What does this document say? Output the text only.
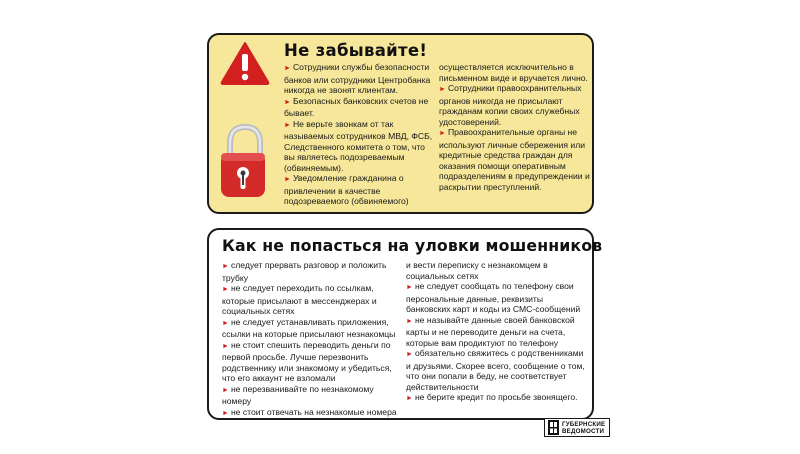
Не забывайте!
► Сотрудники службы безопасности банков или сотрудники Центробанка никогда не звонят клиентам.
► Безопасных банковских счетов не бывает.
► Не верьте звонкам от так называемых сотрудников МВД, ФСБ, Следственного комитета о том, что вы являетесь подозреваемым (обвиняемым).
► Уведомление гражданина о привлечении в качестве подозреваемого (обвиняемого)
осуществляется исключительно в письменном виде и вручается лично.
► Сотрудники правоохранительных органов никогда не присылают гражданам копии своих служебных удостоверений.
► Правоохранительные органы не используют личные сбережения или кредитные средства граждан для оказания помощи оперативным подразделениям в предупреждении и раскрытии преступлений.
Как не попасться на уловки мошенников
► следует прервать разговор и положить трубку
► не следует переходить по ссылкам, которые присылают в мессенджерах и социальных сетях
► не следует устанавливать приложения, ссылки на которые присылают незнакомцы
► не стоит спешить переводить деньги по первой просьбе. Лучше перезвонить родственнику или знакомому и убедиться, что его аккаунт не взломали
► не перезванивайте по незнакомому номеру
► не стоит отвечать на незнакомые номера
и вести переписку с незнакомцем в социальных сетях
► не следует сообщать по телефону свои персональные данные, реквизиты банковских карт и коды из СМС-сообщений
► не называйте данные своей банковской карты и не переводите деньги на счета, которые вам продиктуют по телефону
► обязательно свяжитесь с родственниками и друзьями. Скорее всего, сообщение о том, что они попали в беду, не соответствует действительности
► не берите кредит по просьбе звонящего.
ГУБЕРНСКИЕ
ВЕДОМОСТИ
